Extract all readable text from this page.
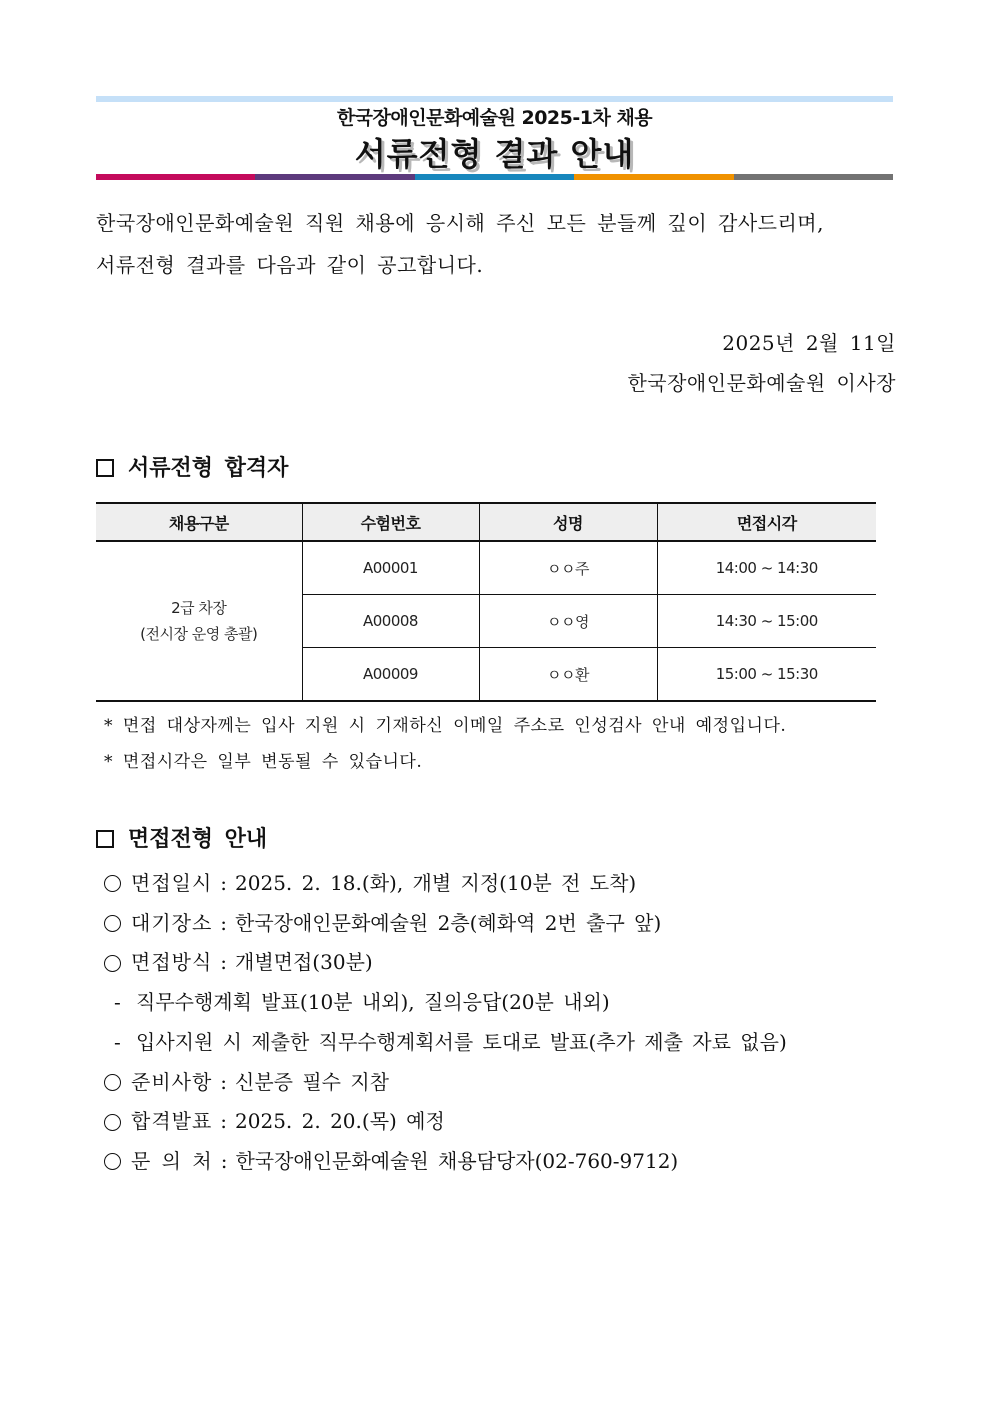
한국장애인문화예술원 2025-1차 채용
서류전형 결과 안내
한국장애인문화예술원 직원 채용에 응시해 주신 모든 분들께 깊이 감사드리며,
서류전형 결과를 다음과 같이 공고합니다.
2025년 2월 11일
한국장애인문화예술원 이사장
서류전형 합격자
채용구분	수험번호	성명	면접시각

2급 차장
(전시장 운영 총괄)	A00001	ㅇㅇ주	14:00 ~ 14:30
	A00008	ㅇㅇ영	14:30 ~ 15:00
	A00009	ㅇㅇ환	15:00 ~ 15:30
* 면접 대상자께는 입사 지원 시 기재하신 이메일 주소로 인성검사 안내 예정입니다.
* 면접시각은 일부 변동될 수 있습니다.
면접전형 안내
면접일시 : 2025. 2. 18.(화), 개별 지정(10분 전 도착)
대기장소 : 한국장애인문화예술원 2층(혜화역 2번 출구 앞)
면접방식 : 개별면접(30분)
- 직무수행계획 발표(10분 내외), 질의응답(20분 내외)
- 입사지원 시 제출한 직무수행계획서를 토대로 발표(추가 제출 자료 없음)
준비사항 : 신분증 필수 지참
합격발표 : 2025. 2. 20.(목) 예정
문 의 처 : 한국장애인문화예술원 채용담당자(02-760-9712)
